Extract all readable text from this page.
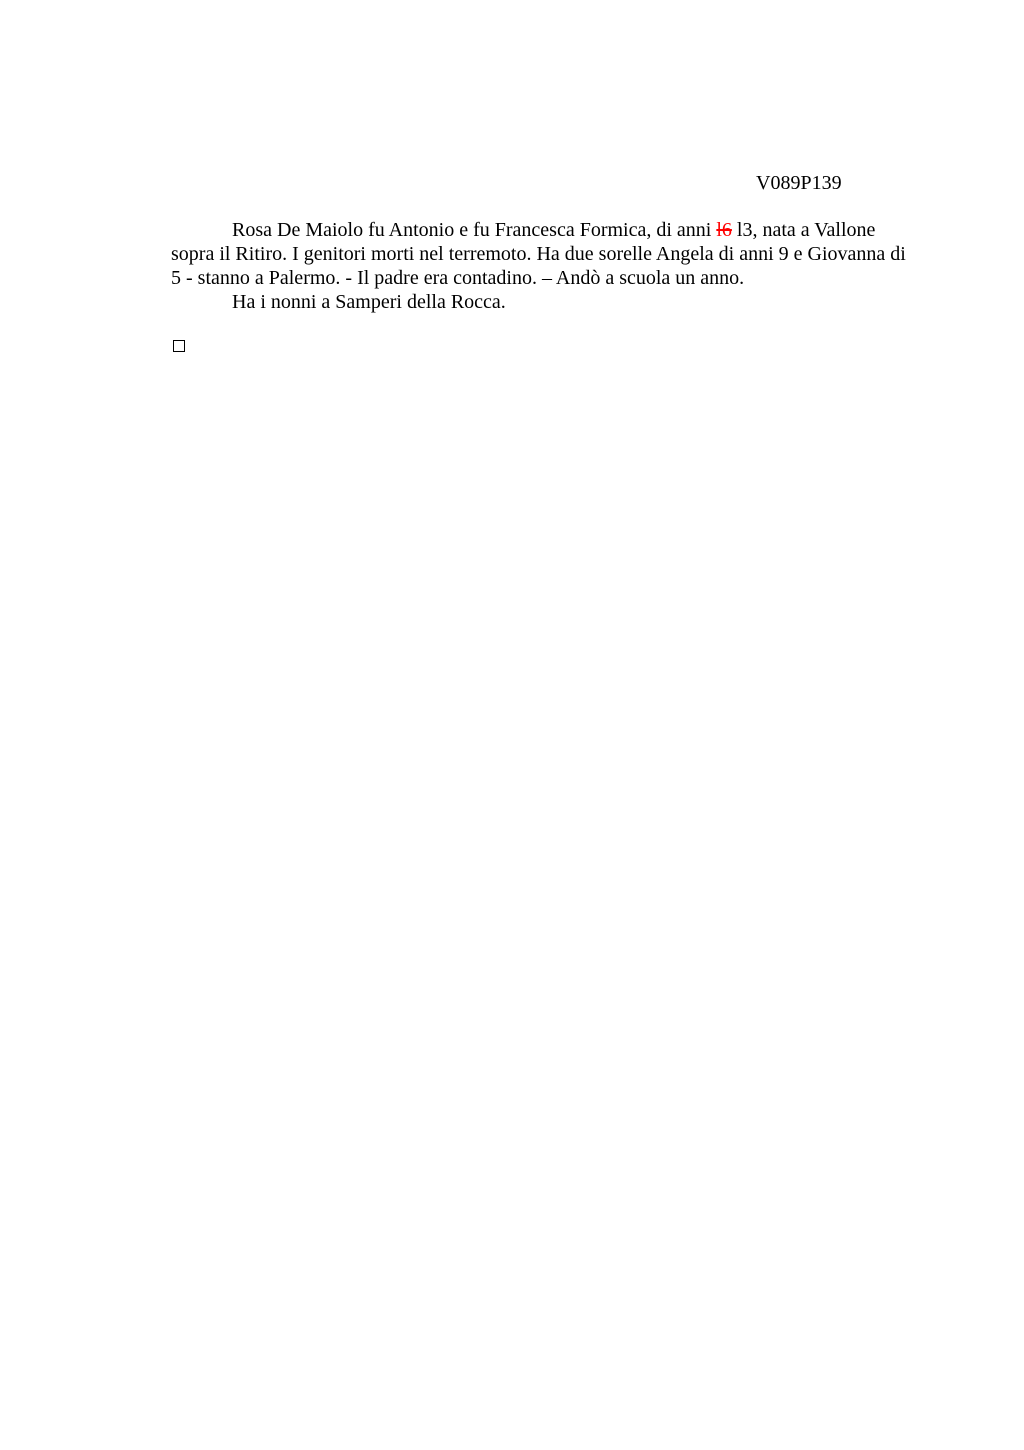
V089P139

Rosa De Maiolo fu Antonio e fu Francesca Formica, di anni l6 l3, nata a Vallone sopra il Ritiro. I genitori morti nel terremoto. Ha due sorelle Angela di anni 9 e Giovanna di 5 - stanno a Palermo. - Il padre era contadino. – Andò a scuola un anno.

Ha i nonni a Samperi della Rocca.
